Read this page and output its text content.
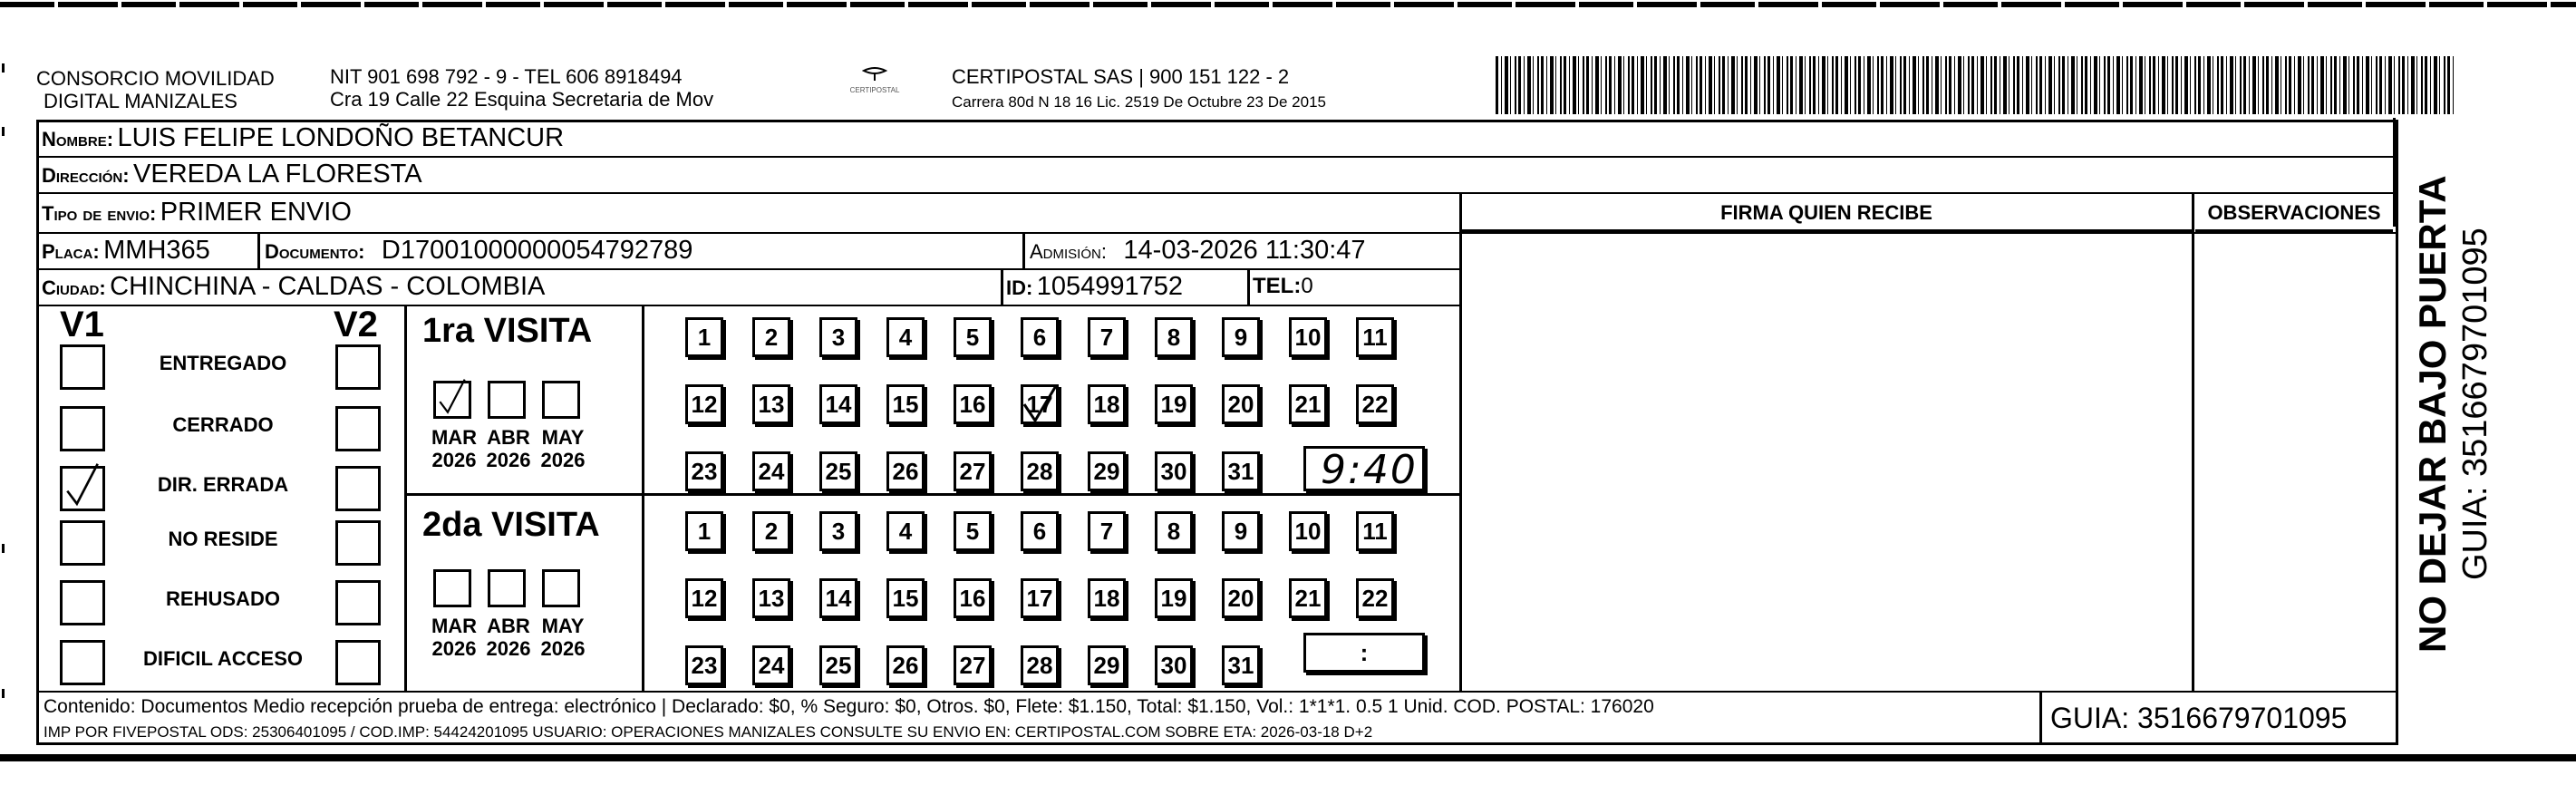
CONSORCIO MOVILIDAD
DIGITAL MANIZALES
NIT 901 698 792 - 9 - TEL 606 8918494
Cra 19 Calle 22 Esquina Secretaria de Mov	CERTIPOSTAL
CERTIPOSTAL SAS | 900 151 122 - 2
Carrera 80d N 18 16 Lic. 2519 De Octubre 23 De 2015
Nombre: LUIS FELIPE LONDOÑO BETANCUR
Dirección: VEREDA LA FLORESTA
Tipo de envio: PRIMER ENVIO	FIRMA QUIEN RECIBE	OBSERVACIONES
Placa: MMH365	Documento: D17001000000054792789	Admisión: 14-03-2026 11:30:47
Ciudad: CHINCHINA - CALDAS - COLOMBIA	ID: 1054991752	TEL:0
V1	V2
ENTREGADO
CERRADO
DIR. ERRADA
NO RESIDE
REHUSADO
DIFICIL ACCESO
1ra VISITA
MAR
2026
ABR
2026
MAY
2026
1	2	3	4	5	6	7	8	9	10 11
12 13 14 15 16 17 18 19 20 21 22
23 24 25 26 27 28 29 30 31 9:40
2da VISITA
MAR
2026
ABR
2026
MAY
2026
1	2	3	4	5	6	7	8	9	10 11
12 13 14 15 16 17 18 19 20 21 22
23 24 25 26 27 28 29 30 31	:
Contenido: Documentos Medio recepción prueba de entrega: electrónico | Declarado: $0, % Seguro: $0, Otros. $0, Flete: $1.150, Total: $1.150, Vol.: 1*1*1. 0.5 1 Unid. COD. POSTAL: 176020
IMP POR FIVEPOSTAL ODS: 25306401095 / COD.IMP: 54424201095 USUARIO: OPERACIONES MANIZALES CONSULTE SU ENVIO EN: CERTIPOSTAL.COM SOBRE ETA: 2026-03-18 D+2	GUIA: 3516679701095
NO DEJAR BAJO PUERTA GUIA: 3516679701095
